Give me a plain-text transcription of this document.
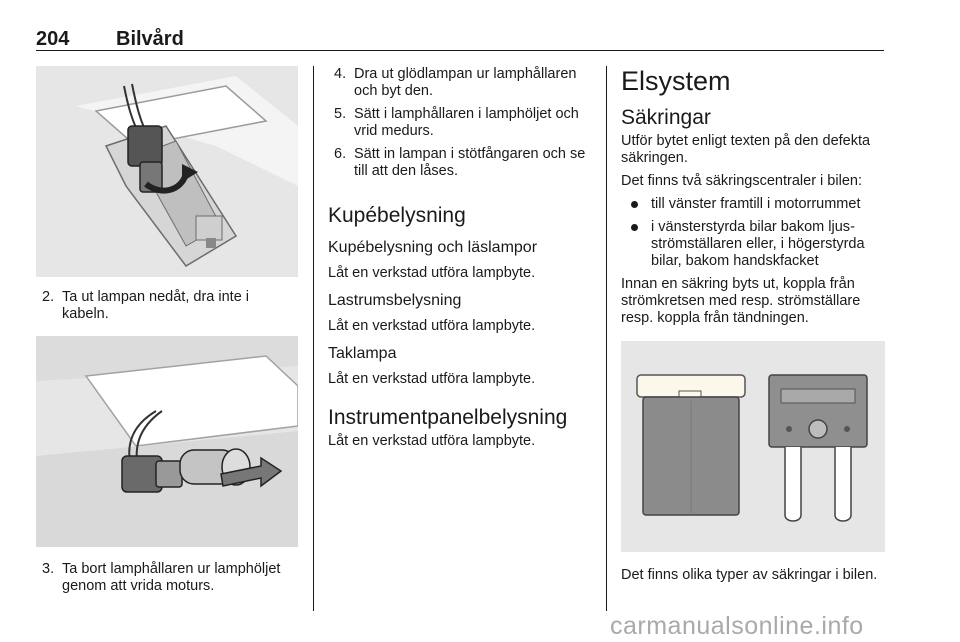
204 Bilvård

2. Ta ut lampan nedåt, dra inte i kabeln.

3. Ta bort lamphållaren ur lamphöljet genom att vrida moturs.

4. Dra ut glödlampan ur lamphållaren och byt den.

5. Sätt i lamphållaren i lamphöljet och vrid medurs.

6. Sätt in lampan i stötfångaren och se till att den låses.

Kupébelysning
Kupébelysning och läslampor

Låt en verkstad utföra lampbyte.

Lastrumsbelysning

Låt en verkstad utföra lampbyte.

Taklampa

Låt en verkstad utföra lampbyte.

Instrumentpanelbelysning

Låt en verkstad utföra lampbyte.

Elsystem
Säkringar

Utför bytet enligt texten på den defekta säkringen.

Det finns två säkringscentraler i bilen:

till vänster framtill i motorrummet
i vänsterstyrda bilar bakom ljusströmställaren eller, i högerstyrda bilar, bakom handskfacket

Innan en säkring byts ut, koppla från strömkretsen med resp. strömställare resp. koppla från tändningen.

Det finns olika typer av säkringar i bilen.

carmanualsonline.info
